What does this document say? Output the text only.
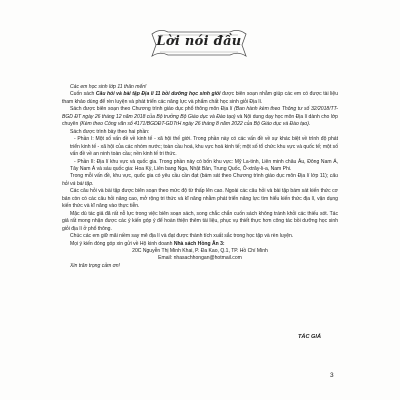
Lời nói đầu

Các em học sinh lớp 11 thân mến!

Cuốn sách Câu hỏi và bài tập Địa lí 11 bồi dưỡng học sinh giỏi được biên soạn nhằm giúp các em có được tài liệu tham khảo dùng để rèn luyện và phát triển các năng lực và phẩm chất học sinh giỏi Địa lí.

Sách được biên soạn theo Chương trình giáo dục phổ thông môn Địa lí (Ban hành kèm theo Thông tư số 32/2018/TT-BGD ĐT ngày 26 tháng 12 năm 2018 của Bộ trưởng Bộ Giáo dục và Đào tạo) và Nội dung dạy học môn Địa lí dành cho lớp chuyên (Kèm theo Công văn số 4171/BGDĐT-GDTrH ngày 26 tháng 8 năm 2022 của Bộ Giáo dục và Đào tạo).

Sách được trình bày theo hai phần:

- Phần I: Một số vấn đề về kinh tế - xã hội thế giới. Trong phần này có các vấn đề về sự khác biệt về trình độ phát triển kinh tế - xã hội của các nhóm nước; toàn cầu hoá, khu vực hoá kinh tế; một số tổ chức khu vực và quốc tế; một số vấn đề về an ninh toàn cầu; nền kinh tế tri thức.

- Phần II: Địa lí khu vực và quốc gia. Trong phần này có bốn khu vực: Mỹ La-tinh, Liên minh châu Âu, Đông Nam Á, Tây Nam Á và sáu quốc gia: Hoa Kỳ, Liên bang Nga, Nhật Bản, Trung Quốc, Ô-xtrây-li-a, Nam Phi.

Trong mỗi vấn đề, khu vực, quốc gia có yêu cầu cần đạt (bám sát theo Chương trình giáo dục môn Địa lí lớp 11); câu hỏi và bài tập.

Các câu hỏi và bài tập được biên soạn theo mức độ từ thấp lên cao. Ngoài các câu hỏi và bài tập bám sát kiến thức cơ bản còn có các câu hỏi nâng cao, mở rộng tri thức và kĩ năng nhằm phát triển năng lực tìm hiểu kiến thức địa lí, vận dụng kiến thức và kĩ năng vào thực tiễn.

Mặc dù tác giả đã rất nỗ lực trong việc biên soạn sách, song chắc chắn cuốn sách không tránh khỏi các thiếu sót. Tác giả rất mong nhận được các ý kiến góp ý để hoàn thiện thêm tài liệu, phục vụ thiết thực hơn công tác bồi dưỡng học sinh giỏi địa lí ở phổ thông.

Chúc các em giữ mãi niềm say mê địa lí và đạt được thành tích xuất sắc trong học tập và rèn luyện.

Mọi ý kiến đóng góp xin gửi về Hộ kinh doanh Nhà sách Hồng Ân 3:

20C Nguyễn Thị Minh Khai, P. Đa Kao, Q.1, TP. Hồ Chí Minh

Email: nhasachhongan@hotmail.com

Xin trân trọng cảm ơn!

TÁC GIẢ
3
